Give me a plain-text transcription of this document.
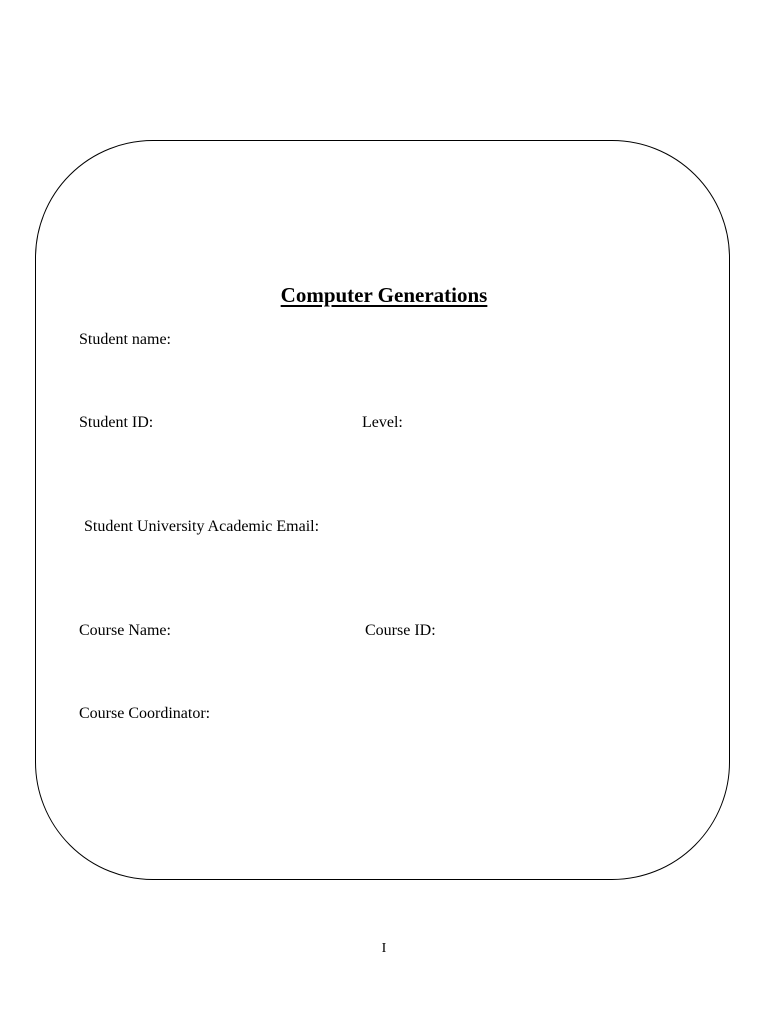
Computer Generations
Student name:
Student ID:	Level:
Student University Academic Email:
Course Name:	Course ID:
Course Coordinator:
I
